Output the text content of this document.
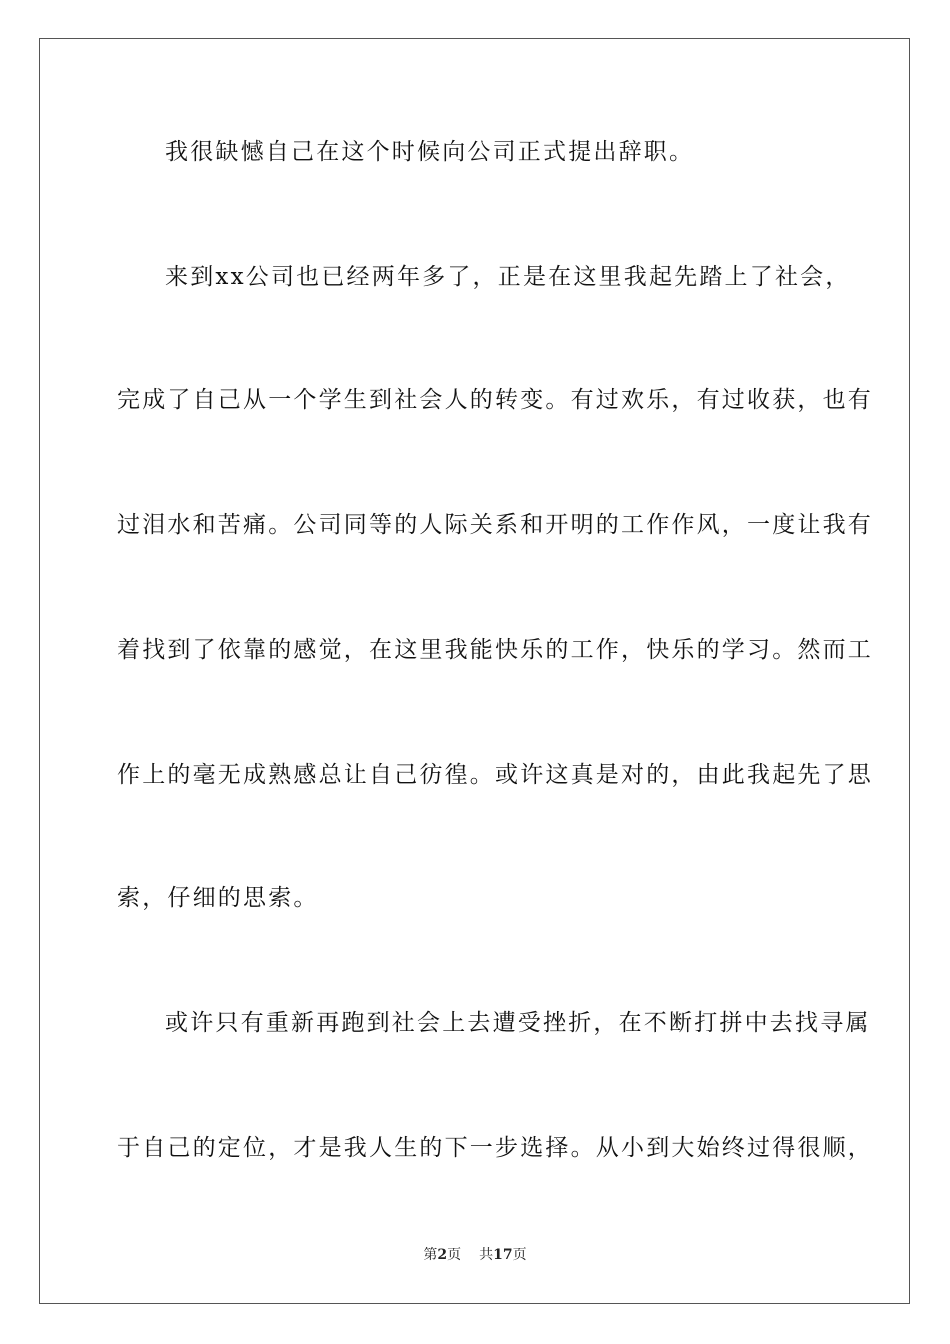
我很缺憾自己在这个时候向公司正式提出辞职。
来到xx公司也已经两年多了，正是在这里我起先踏上了社会，
完成了自己从一个学生到社会人的转变。有过欢乐，有过收获，也有
过泪水和苦痛。公司同等的人际关系和开明的工作作风，一度让我有
着找到了依靠的感觉，在这里我能快乐的工作，快乐的学习。然而工
作上的毫无成熟感总让自己彷徨。或许这真是对的，由此我起先了思
索，仔细的思索。
或许只有重新再跑到社会上去遭受挫折，在不断打拼中去找寻属
于自己的定位，才是我人生的下一步选择。从小到大始终过得很顺，
第2页 共17页
